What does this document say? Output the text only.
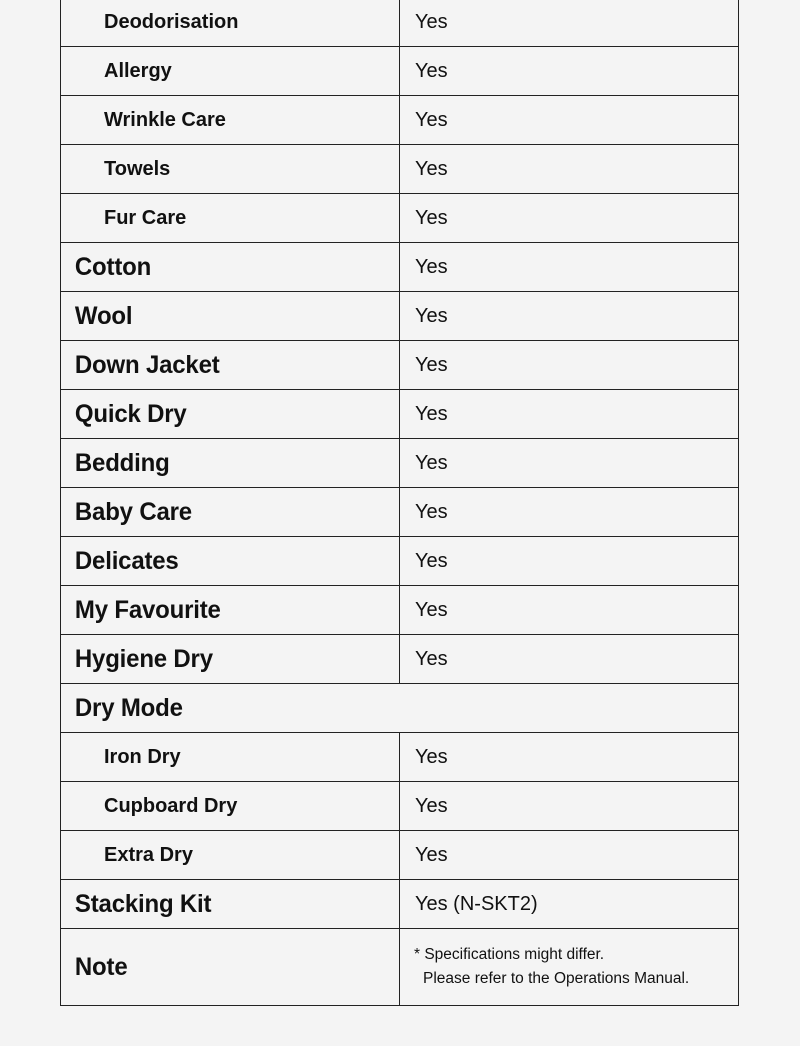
Deodorisation	Yes
Allergy	Yes
Wrinkle Care	Yes
Towels	Yes
Fur Care	Yes
Cotton	Yes
Wool	Yes
Down Jacket	Yes
Quick Dry	Yes
Bedding	Yes
Baby Care	Yes
Delicates	Yes
My Favourite	Yes
Hygiene Dry	Yes
Dry Mode	
Iron Dry	Yes
Cupboard Dry	Yes
Extra Dry	Yes
Stacking Kit	Yes (N-SKT2)
Note	* Specifications might differ.
Please refer to the Operations Manual.
